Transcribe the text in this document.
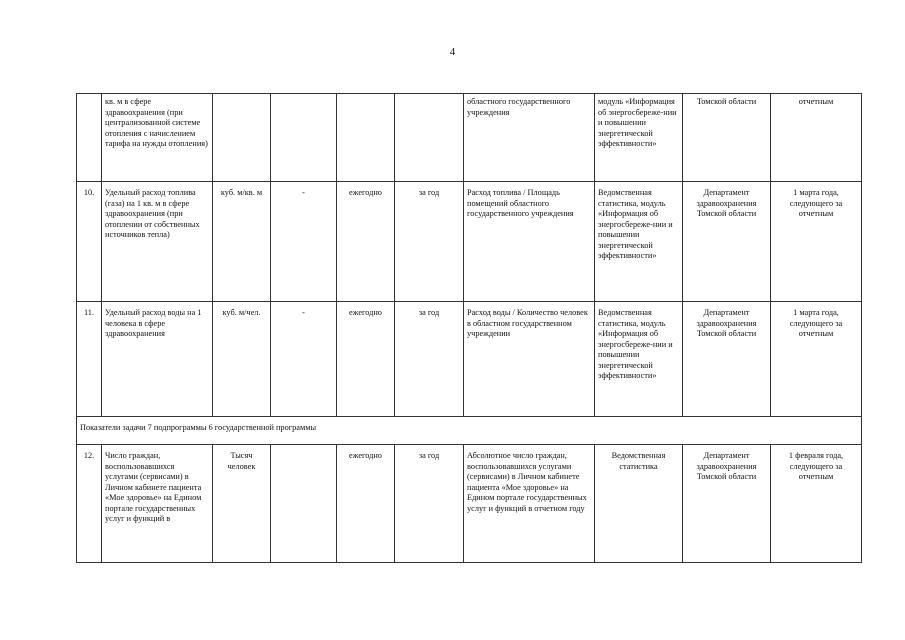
4
	кв. м в сфере здравоохранения (при централизованной системе отопления с начислением тарифа на нужды отопления)					областного государственного учреждения	модуль «Информация об энергосбереже-нии и повышении энергетической эффективности»	Томской области	отчетным
10.	Удельный расход топлива (газа) на 1 кв. м в сфере здравоохранения (при отоплении от собственных источников тепла)	куб. м/кв. м	-	ежегодно	за год	Расход топлива / Площадь помещений областного государственного учреждения	Ведомственная статистика, модуль «Информация об энергосбереже-нии и повышении энергетической эффективности»	Департамент здравоохранения Томской области	1 марта года, следующего за отчетным
11.	Удельный расход воды на 1 человека в сфере здравоохранения	куб. м/чел.	-	ежегодно	за год	Расход воды / Количество человек в областном государственном учреждении	Ведомственная статистика, модуль «Информация об энергосбереже-нии и повышении энергетической эффективности»	Департамент здравоохранения Томской области	1 марта года, следующего за отчетным
Показатели задачи 7 подпрограммы 6 государственной программы									
12.	Число граждан, воспользовавшихся услугами (сервисами) в Личном кабинете пациента «Мое здоровье» на Едином портале государственных услуг и функций в	Тысяч человек		ежегодно	за год	Абсолютное число граждан, воспользовавшихся услугами (сервисами) в Личном кабинете пациента «Мое здоровье» на Едином портале государственных услуг и функций в отчетном году	Ведомственная статистика	Департамент здравоохранения Томской области	1 февраля года, следующего за отчетным
